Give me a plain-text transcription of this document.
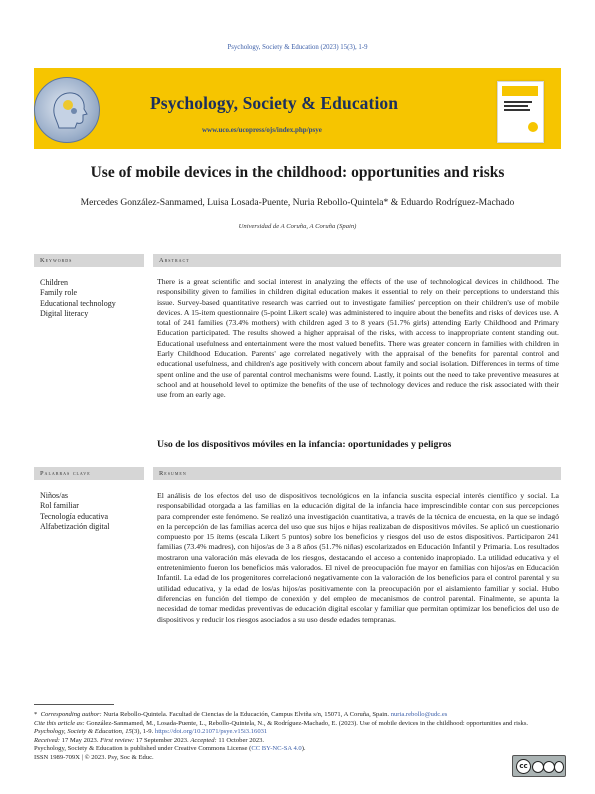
Psychology, Society & Education (2023) 15(3), 1-9
Psychology, Society & Education
www.uco.es/ucopress/ojs/index.php/psye
Use of mobile devices in the childhood: opportunities and risks
Mercedes González-Sanmamed, Luisa Losada-Puente, Nuria Rebollo-Quintela* & Eduardo Rodríguez-Machado
Universidad de A Coruña, A Coruña (Spain)
Keywords	Abstract
Children
Family role
Educational technology
Digital literacy
There is a great scientific and social interest in analyzing the effects of the use of technological devices in childhood. The responsibility given to families in children digital education makes it essential to rely on their perceptions to understand this issue. Survey-based quantitative research was carried out to investigate families' perception on their children's use of mobile devices. A 15-item questionnaire (5-point Likert scale) was administered to inquire about the benefits and risks of devices use. A total of 241 families (73.4% mothers) with children aged 3 to 8 years (51.7% girls) attending Early Childhood and Primary Education participated. The results showed a higher appraisal of the risks, with access to inappropriate content standing out. Educational usefulness and entertainment were the most valued benefits. There was greater concern in families with children in Early Childhood Education. Parents' age correlated negatively with the appraisal of the benefits for parental control and educational usefulness, and children's age positively with concern about family and social isolation. Differences in terms of time spent online and the use of parental control mechanisms were found. Lastly, it points out the need to take preventive measures at school and at household level to optimize the benefits of the use of technology devices and reduce the risk associated with their use from an early age.
Uso de los dispositivos móviles en la infancia: oportunidades y peligros
Palabras clave	Resumen
Niños/as
Rol familiar
Tecnología educativa
Alfabetización digital
El análisis de los efectos del uso de dispositivos tecnológicos en la infancia suscita especial interés científico y social. La responsabilidad otorgada a las familias en la educación digital de la infancia hace imprescindible contar con sus percepciones para comprender este fenómeno. Se realizó una investigación cuantitativa, a través de la técnica de encuesta, en la que se indagó en la percepción de las familias acerca del uso que sus hijos e hijas realizaban de dispositivos móviles. Se aplicó un cuestionario compuesto por 15 ítems (escala Likert 5 puntos) sobre los beneficios y riesgos del uso de estos dispositivos. Participaron 241 familias (73.4% madres), con hijos/as de 3 a 8 años (51.7% niñas) escolarizados en Educación Infantil y Primaria. Los resultados mostraron una valoración más elevada de los riesgos, destacando el acceso a contenido inapropiado. La utilidad educativa y el entretenimiento fueron los beneficios más valorados. El nivel de preocupación fue mayor en familias con hijos/as en Educación Infantil. La edad de los progenitores correlacionó negativamente con la valoración de los beneficios para el control parental y su utilidad educativa, y la edad de los/as hijos/as positivamente con la preocupación por el aislamiento familiar y social. Hubo diferencias en función del tiempo de conexión y del empleo de mecanismos de control parental. Finalmente, se apunta la necesidad de tomar medidas preventivas de educación digital escolar y familiar que permitan optimizar los beneficios del uso de dispositivos y reducir los riesgos asociados a su uso desde edades tempranas.
*  Corresponding author: Nuria Rebollo-Quintela. Facultad de Ciencias de la Educación, Campus Elviña s/n, 15071, A Coruña, Spain. nuria.rebollo@udc.es
Cite this article as: González-Sanmamed, M., Losada-Puente, L., Rebollo-Quintela, N., & Rodríguez-Machado, E. (2023). Use of mobile devices in the childhood: opportunities and risks. Psychology, Society & Education, 15(3), 1-9. https://doi.org/10.21071/psye.v15i3.16031
Received: 17 May 2023. First review: 17 September 2023. Accepted: 11 October 2023.
Psychology, Society & Education is published under Creative Commons License (CC BY-NC-SA 4.0).
ISSN 1989-709X | © 2023. Psy, Soc & Educ.
cc
